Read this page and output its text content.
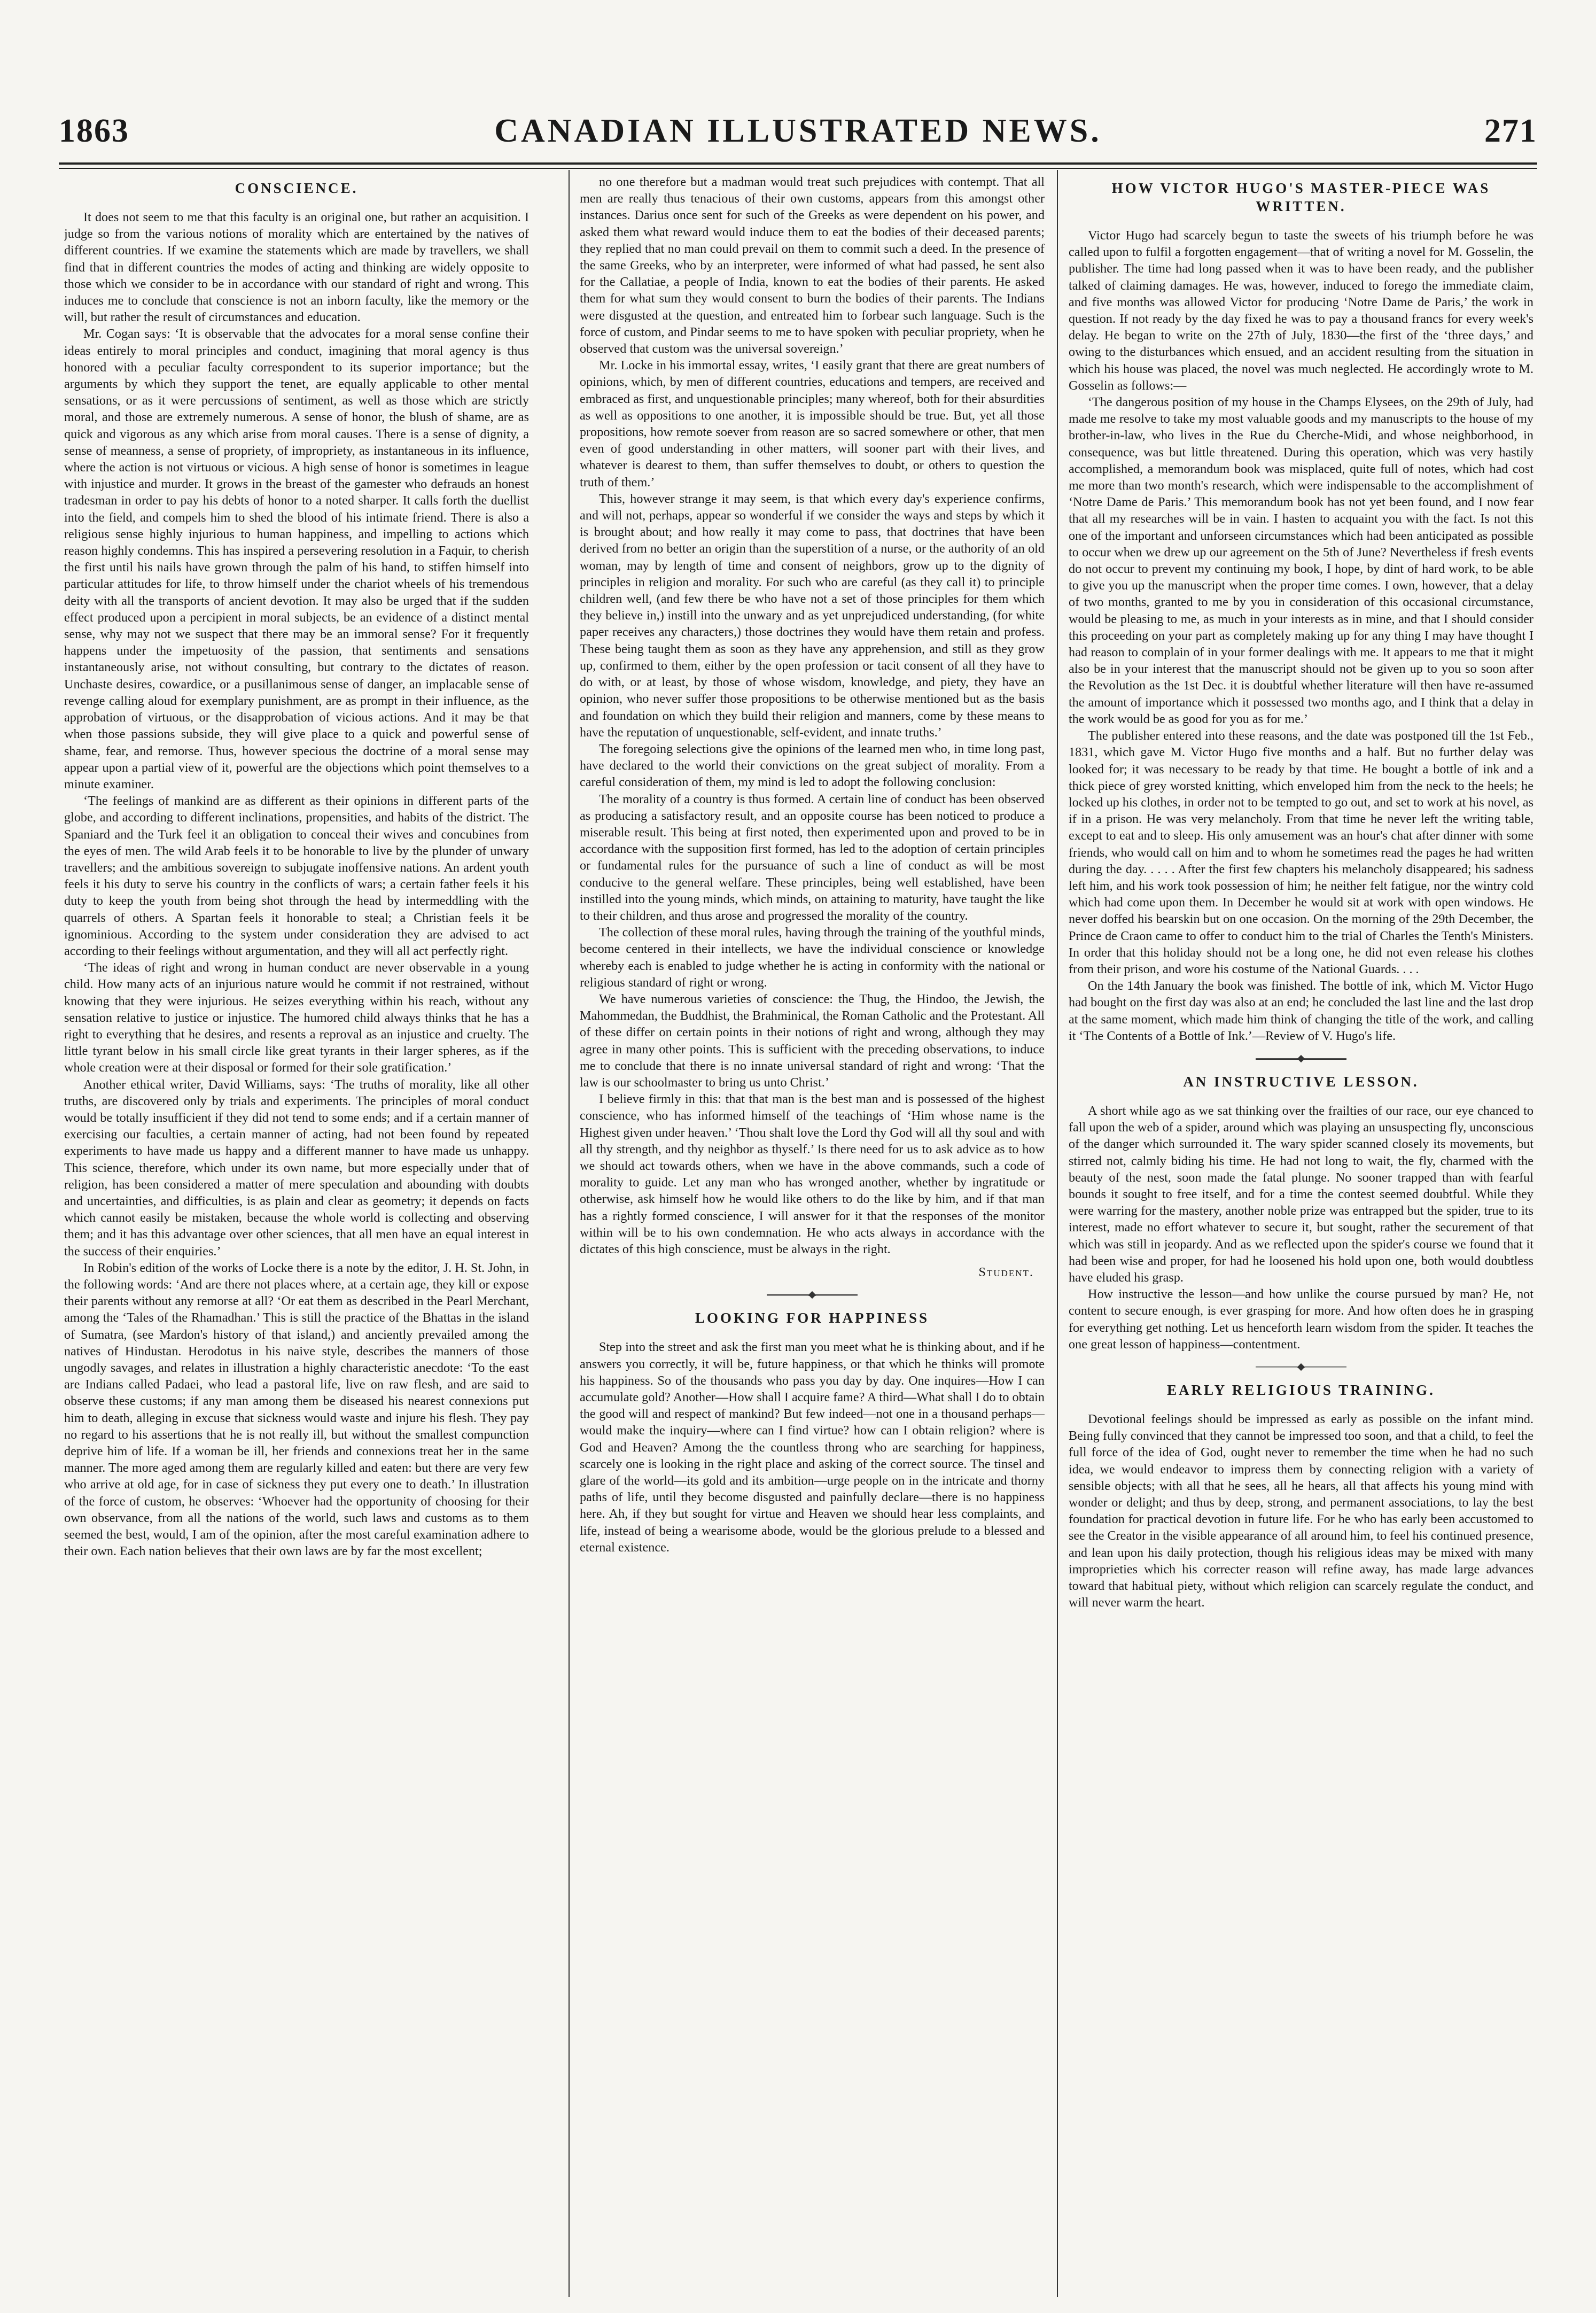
1863	CANADIAN ILLUSTRATED NEWS.	271
CONSCIENCE.

It does not seem to me that this faculty is an original one, but rather an acquisition. I judge so from the various notions of morality which are entertained by the natives of different countries. If we examine the statements which are made by travellers, we shall find that in different countries the modes of acting and thinking are widely opposite to those which we consider to be in accordance with our standard of right and wrong. This induces me to conclude that conscience is not an inborn faculty, like the memory or the will, but rather the result of circumstances and education.

Mr. Cogan says: ‘It is observable that the advocates for a moral sense confine their ideas entirely to moral principles and conduct, imagining that moral agency is thus honored with a peculiar faculty correspondent to its superior importance; but the arguments by which they support the tenet, are equally applicable to other mental sensations, or as it were percussions of sentiment, as well as those which are strictly moral, and those are extremely numerous. A sense of honor, the blush of shame, are as quick and vigorous as any which arise from moral causes. There is a sense of dignity, a sense of meanness, a sense of propriety, of impropriety, as instantaneous in its influence, where the action is not virtuous or vicious. A high sense of honor is sometimes in league with injustice and murder. It grows in the breast of the gamester who defrauds an honest tradesman in order to pay his debts of honor to a noted sharper. It calls forth the duellist into the field, and compels him to shed the blood of his intimate friend. There is also a religious sense highly injurious to human happiness, and impelling to actions which reason highly condemns. This has inspired a persevering resolution in a Faquir, to cherish the first until his nails have grown through the palm of his hand, to stiffen himself into particular attitudes for life, to throw himself under the chariot wheels of his tremendous deity with all the transports of ancient devotion. It may also be urged that if the sudden effect produced upon a percipient in moral subjects, be an evidence of a distinct mental sense, why may not we suspect that there may be an immoral sense? For it frequently happens under the impetuosity of the passion, that sentiments and sensations instantaneously arise, not without consulting, but contrary to the dictates of reason. Unchaste desires, cowardice, or a pusillanimous sense of danger, an implacable sense of revenge calling aloud for exemplary punishment, are as prompt in their influence, as the approbation of virtuous, or the disapprobation of vicious actions. And it may be that when those passions subside, they will give place to a quick and powerful sense of shame, fear, and remorse. Thus, however specious the doctrine of a moral sense may appear upon a partial view of it, powerful are the objections which point themselves to a minute examiner.

‘The feelings of mankind are as different as their opinions in different parts of the globe, and according to different inclinations, propensities, and habits of the district. The Spaniard and the Turk feel it an obligation to conceal their wives and concubines from the eyes of men. The wild Arab feels it to be honorable to live by the plunder of unwary travellers; and the ambitious sovereign to subjugate inoffensive nations. An ardent youth feels it his duty to serve his country in the conflicts of wars; a certain father feels it his duty to keep the youth from being shot through the head by intermeddling with the quarrels of others. A Spartan feels it honorable to steal; a Christian feels it be ignominious. According to the system under consideration they are advised to act according to their feelings without argumentation, and they will all act perfectly right.

‘The ideas of right and wrong in human conduct are never observable in a young child. How many acts of an injurious nature would he commit if not restrained, without knowing that they were injurious. He seizes everything within his reach, without any sensation relative to justice or injustice. The humored child always thinks that he has a right to everything that he desires, and resents a reproval as an injustice and cruelty. The little tyrant below in his small circle like great tyrants in their larger spheres, as if the whole creation were at their disposal or formed for their sole gratification.’

Another ethical writer, David Williams, says: ‘The truths of morality, like all other truths, are discovered only by trials and experiments. The principles of moral conduct would be totally insufficient if they did not tend to some ends; and if a certain manner of exercising our faculties, a certain manner of acting, had not been found by repeated experiments to have made us happy and a different manner to have made us unhappy. This science, therefore, which under its own name, but more especially under that of religion, has been considered a matter of mere speculation and abounding with doubts and uncertainties, and difficulties, is as plain and clear as geometry; it depends on facts which cannot easily be mistaken, because the whole world is collecting and observing them; and it has this advantage over other sciences, that all men have an equal interest in the success of their enquiries.’

In Robin's edition of the works of Locke there is a note by the editor, J. H. St. John, in the following words: ‘And are there not places where, at a certain age, they kill or expose their parents without any remorse at all? ‘Or eat them as described in the Pearl Merchant, among the ‘Tales of the Rhamadhan.’ This is still the practice of the Bhattas in the island of Sumatra, (see Mardon's history of that island,) and anciently prevailed among the natives of Hindustan. Herodotus in his naive style, describes the manners of those ungodly savages, and relates in illustration a highly characteristic anecdote: ‘To the east are Indians called Padaei, who lead a pastoral life, live on raw flesh, and are said to observe these customs; if any man among them be diseased his nearest connexions put him to death, alleging in excuse that sickness would waste and injure his flesh. They pay no regard to his assertions that he is not really ill, but without the smallest compunction deprive him of life. If a woman be ill, her friends and connexions treat her in the same manner. The more aged among them are regularly killed and eaten: but there are very few who arrive at old age, for in case of sickness they put every one to death.’ In illustration of the force of custom, he observes: ‘Whoever had the opportunity of choosing for their own observance, from all the nations of the world, such laws and customs as to them seemed the best, would, I am of the opinion, after the most careful examination adhere to their own. Each nation believes that their own laws are by far the most excellent;

no one therefore but a madman would treat such prejudices with contempt. That all men are really thus tenacious of their own customs, appears from this amongst other instances. Darius once sent for such of the Greeks as were dependent on his power, and asked them what reward would induce them to eat the bodies of their deceased parents; they replied that no man could prevail on them to commit such a deed. In the presence of the same Greeks, who by an interpreter, were informed of what had passed, he sent also for the Callatiae, a people of India, known to eat the bodies of their parents. He asked them for what sum they would consent to burn the bodies of their parents. The Indians were disgusted at the question, and entreated him to forbear such language. Such is the force of custom, and Pindar seems to me to have spoken with peculiar propriety, when he observed that custom was the universal sovereign.’

Mr. Locke in his immortal essay, writes, ‘I easily grant that there are great numbers of opinions, which, by men of different countries, educations and tempers, are received and embraced as first, and unquestionable principles; many whereof, both for their absurdities as well as oppositions to one another, it is impossible should be true. But, yet all those propositions, how remote soever from reason are so sacred somewhere or other, that men even of good understanding in other matters, will sooner part with their lives, and whatever is dearest to them, than suffer themselves to doubt, or others to question the truth of them.’

This, however strange it may seem, is that which every day's experience confirms, and will not, perhaps, appear so wonderful if we consider the ways and steps by which it is brought about; and how really it may come to pass, that doctrines that have been derived from no better an origin than the superstition of a nurse, or the authority of an old woman, may by length of time and consent of neighbors, grow up to the dignity of principles in religion and morality. For such who are careful (as they call it) to principle children well, (and few there be who have not a set of those principles for them which they believe in,) instill into the unwary and as yet unprejudiced understanding, (for white paper receives any characters,) those doctrines they would have them retain and profess. These being taught them as soon as they have any apprehension, and still as they grow up, confirmed to them, either by the open profession or tacit consent of all they have to do with, or at least, by those of whose wisdom, knowledge, and piety, they have an opinion, who never suffer those propositions to be otherwise mentioned but as the basis and foundation on which they build their religion and manners, come by these means to have the reputation of unquestionable, self-evident, and innate truths.’

The foregoing selections give the opinions of the learned men who, in time long past, have declared to the world their convictions on the great subject of morality. From a careful consideration of them, my mind is led to adopt the following conclusion:

The morality of a country is thus formed. A certain line of conduct has been observed as producing a satisfactory result, and an opposite course has been noticed to produce a miserable result. This being at first noted, then experimented upon and proved to be in accordance with the supposition first formed, has led to the adoption of certain principles or fundamental rules for the pursuance of such a line of conduct as will be most conducive to the general welfare. These principles, being well established, have been instilled into the young minds, which minds, on attaining to maturity, have taught the like to their children, and thus arose and progressed the morality of the country.

The collection of these moral rules, having through the training of the youthful minds, become centered in their intellects, we have the individual conscience or knowledge whereby each is enabled to judge whether he is acting in conformity with the national or religious standard of right or wrong.

We have numerous varieties of conscience: the Thug, the Hindoo, the Jewish, the Mahommedan, the Buddhist, the Brahminical, the Roman Catholic and the Protestant. All of these differ on certain points in their notions of right and wrong, although they may agree in many other points. This is sufficient with the preceding observations, to induce me to conclude that there is no innate universal standard of right and wrong: ‘That the law is our schoolmaster to bring us unto Christ.’

I believe firmly in this: that that man is the best man and is possessed of the highest conscience, who has informed himself of the teachings of ‘Him whose name is the Highest given under heaven.’ ‘Thou shalt love the Lord thy God will all thy soul and with all thy strength, and thy neighbor as thyself.’ Is there need for us to ask advice as to how we should act towards others, when we have in the above commands, such a code of morality to guide. Let any man who has wronged another, whether by ingratitude or otherwise, ask himself how he would like others to do the like by him, and if that man has a rightly formed conscience, I will answer for it that the responses of the monitor within will be to his own condemnation. He who acts always in accordance with the dictates of this high conscience, must be always in the right.

Student.
LOOKING FOR HAPPINESS

Step into the street and ask the first man you meet what he is thinking about, and if he answers you correctly, it will be, future happiness, or that which he thinks will promote his happiness. So of the thousands who pass you day by day. One inquires—How I can accumulate gold? Another—How shall I acquire fame? A third—What shall I do to obtain the good will and respect of mankind? But few indeed—not one in a thousand perhaps—would make the inquiry—where can I find virtue? how can I obtain religion? where is God and Heaven? Among the the countless throng who are searching for happiness, scarcely one is looking in the right place and asking of the correct source. The tinsel and glare of the world—its gold and its ambition—urge people on in the intricate and thorny paths of life, until they become disgusted and painfully declare—there is no happiness here. Ah, if they but sought for virtue and Heaven we should hear less complaints, and life, instead of being a wearisome abode, would be the glorious prelude to a blessed and eternal existence.

HOW VICTOR HUGO'S MASTER-PIECE WAS WRITTEN.

Victor Hugo had scarcely begun to taste the sweets of his triumph before he was called upon to fulfil a forgotten engagement—that of writing a novel for M. Gosselin, the publisher. The time had long passed when it was to have been ready, and the publisher talked of claiming damages. He was, however, induced to forego the immediate claim, and five months was allowed Victor for producing ‘Notre Dame de Paris,’ the work in question. If not ready by the day fixed he was to pay a thousand francs for every week's delay. He began to write on the 27th of July, 1830—the first of the ‘three days,’ and owing to the disturbances which ensued, and an accident resulting from the situation in which his house was placed, the novel was much neglected. He accordingly wrote to M. Gosselin as follows:—

‘The dangerous position of my house in the Champs Elysees, on the 29th of July, had made me resolve to take my most valuable goods and my manuscripts to the house of my brother-in-law, who lives in the Rue du Cherche-Midi, and whose neighborhood, in consequence, was but little threatened. During this operation, which was very hastily accomplished, a memorandum book was misplaced, quite full of notes, which had cost me more than two month's research, which were indispensable to the accomplishment of ‘Notre Dame de Paris.’ This memorandum book has not yet been found, and I now fear that all my researches will be in vain. I hasten to acquaint you with the fact. Is not this one of the important and unforseen circumstances which had been anticipated as possible to occur when we drew up our agreement on the 5th of June? Nevertheless if fresh events do not occur to prevent my continuing my book, I hope, by dint of hard work, to be able to give you up the manuscript when the proper time comes. I own, however, that a delay of two months, granted to me by you in consideration of this occasional circumstance, would be pleasing to me, as much in your interests as in mine, and that I should consider this proceeding on your part as completely making up for any thing I may have thought I had reason to complain of in your former dealings with me. It appears to me that it might also be in your interest that the manuscript should not be given up to you so soon after the Revolution as the 1st Dec. it is doubtful whether literature will then have re-assumed the amount of importance which it possessed two months ago, and I think that a delay in the work would be as good for you as for me.’

The publisher entered into these reasons, and the date was postponed till the 1st Feb., 1831, which gave M. Victor Hugo five months and a half. But no further delay was looked for; it was necessary to be ready by that time. He bought a bottle of ink and a thick piece of grey worsted knitting, which enveloped him from the neck to the heels; he locked up his clothes, in order not to be tempted to go out, and set to work at his novel, as if in a prison. He was very melancholy. From that time he never left the writing table, except to eat and to sleep. His only amusement was an hour's chat after dinner with some friends, who would call on him and to whom he sometimes read the pages he had written during the day. . . . . After the first few chapters his melancholy disappeared; his sadness left him, and his work took possession of him; he neither felt fatigue, nor the wintry cold which had come upon them. In December he would sit at work with open windows. He never doffed his bearskin but on one occasion. On the morning of the 29th December, the Prince de Craon came to offer to conduct him to the trial of Charles the Tenth's Ministers. In order that this holiday should not be a long one, he did not even release his clothes from their prison, and wore his costume of the National Guards. . . .

On the 14th January the book was finished. The bottle of ink, which M. Victor Hugo had bought on the first day was also at an end; he concluded the last line and the last drop at the same moment, which made him think of changing the title of the work, and calling it ‘The Contents of a Bottle of Ink.’—Review of V. Hugo's life.

AN INSTRUCTIVE LESSON.

A short while ago as we sat thinking over the frailties of our race, our eye chanced to fall upon the web of a spider, around which was playing an unsuspecting fly, unconscious of the danger which surrounded it. The wary spider scanned closely its movements, but stirred not, calmly biding his time. He had not long to wait, the fly, charmed with the beauty of the nest, soon made the fatal plunge. No sooner trapped than with fearful bounds it sought to free itself, and for a time the contest seemed doubtful. While they were warring for the mastery, another noble prize was entrapped but the spider, true to its interest, made no effort whatever to secure it, but sought, rather the securement of that which was still in jeopardy. And as we reflected upon the spider's course we found that it had been wise and proper, for had he loosened his hold upon one, both would doubtless have eluded his grasp.

How instructive the lesson—and how unlike the course pursued by man? He, not content to secure enough, is ever grasping for more. And how often does he in grasping for everything get nothing. Let us henceforth learn wisdom from the spider. It teaches the one great lesson of happiness—contentment.

EARLY RELIGIOUS TRAINING.

Devotional feelings should be impressed as early as possible on the infant mind. Being fully convinced that they cannot be impressed too soon, and that a child, to feel the full force of the idea of God, ought never to remember the time when he had no such idea, we would endeavor to impress them by connecting religion with a variety of sensible objects; with all that he sees, all he hears, all that affects his young mind with wonder or delight; and thus by deep, strong, and permanent associations, to lay the best foundation for practical devotion in future life. For he who has early been accustomed to see the Creator in the visible appearance of all around him, to feel his continued presence, and lean upon his daily protection, though his religious ideas may be mixed with many improprieties which his correcter reason will refine away, has made large advances toward that habitual piety, without which religion can scarcely regulate the conduct, and will never warm the heart.
